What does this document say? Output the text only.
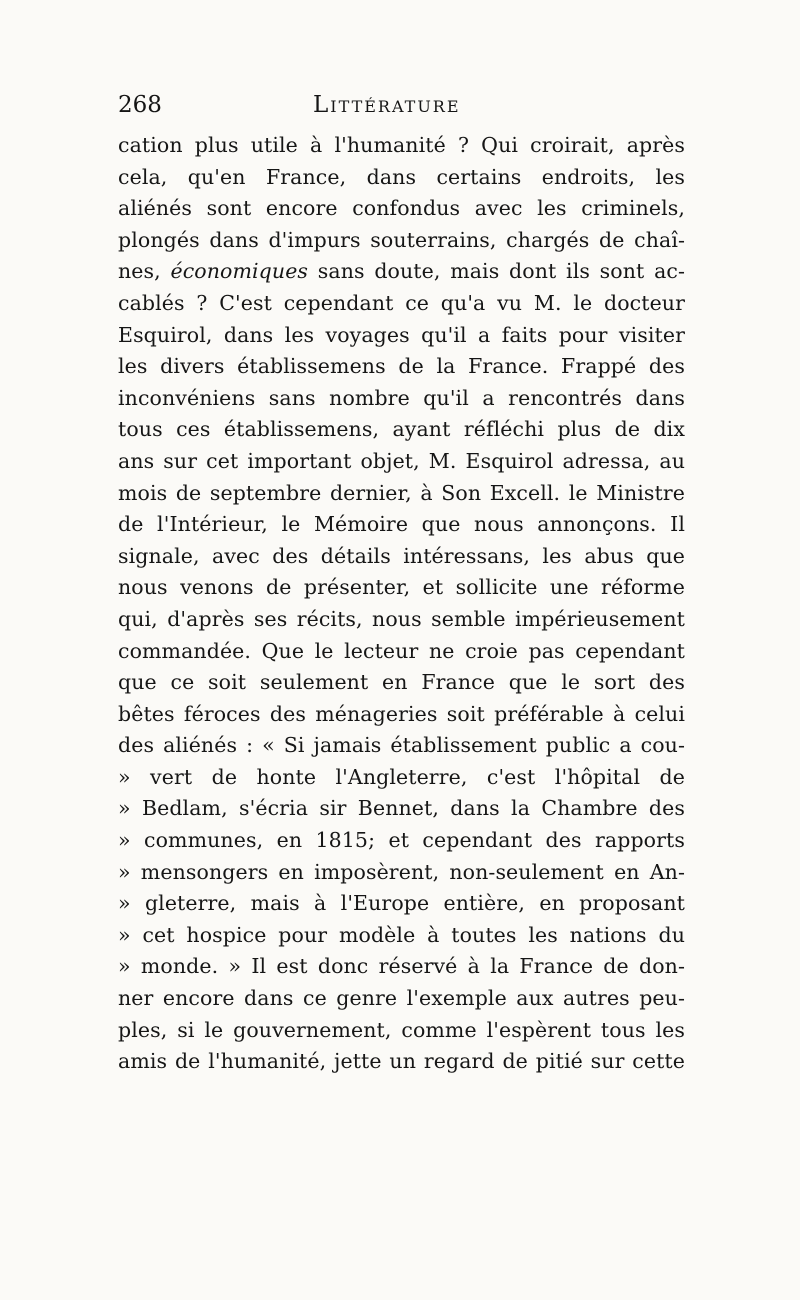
268	Littérature
cation plus utile à l'humanité ? Qui croirait, après
cela, qu'en France, dans certains endroits, les
aliénés sont encore confondus avec les criminels,
plongés dans d'impurs souterrains, chargés de chaî-
nes, économiques sans doute, mais dont ils sont ac-
cablés ? C'est cependant ce qu'a vu M. le docteur
Esquirol, dans les voyages qu'il a faits pour visiter
les divers établissemens de la France. Frappé des
inconvéniens sans nombre qu'il a rencontrés dans
tous ces établissemens, ayant réfléchi plus de dix
ans sur cet important objet, M. Esquirol adressa, au
mois de septembre dernier, à Son Excell. le Ministre
de l'Intérieur, le Mémoire que nous annonçons. Il
signale, avec des détails intéressans, les abus que
nous venons de présenter, et sollicite une réforme
qui, d'après ses récits, nous semble impérieusement
commandée. Que le lecteur ne croie pas cependant
que ce soit seulement en France que le sort des
bêtes féroces des ménageries soit préférable à celui
des aliénés : « Si jamais établissement public a cou-
» vert de honte l'Angleterre, c'est l'hôpital de
» Bedlam, s'écria sir Bennet, dans la Chambre des
» communes, en 1815; et cependant des rapports
» mensongers en imposèrent, non-seulement en An-
» gleterre, mais à l'Europe entière, en proposant
» cet hospice pour modèle à toutes les nations du
» monde. » Il est donc réservé à la France de don-
ner encore dans ce genre l'exemple aux autres peu-
ples, si le gouvernement, comme l'espèrent tous les
amis de l'humanité, jette un regard de pitié sur cette
